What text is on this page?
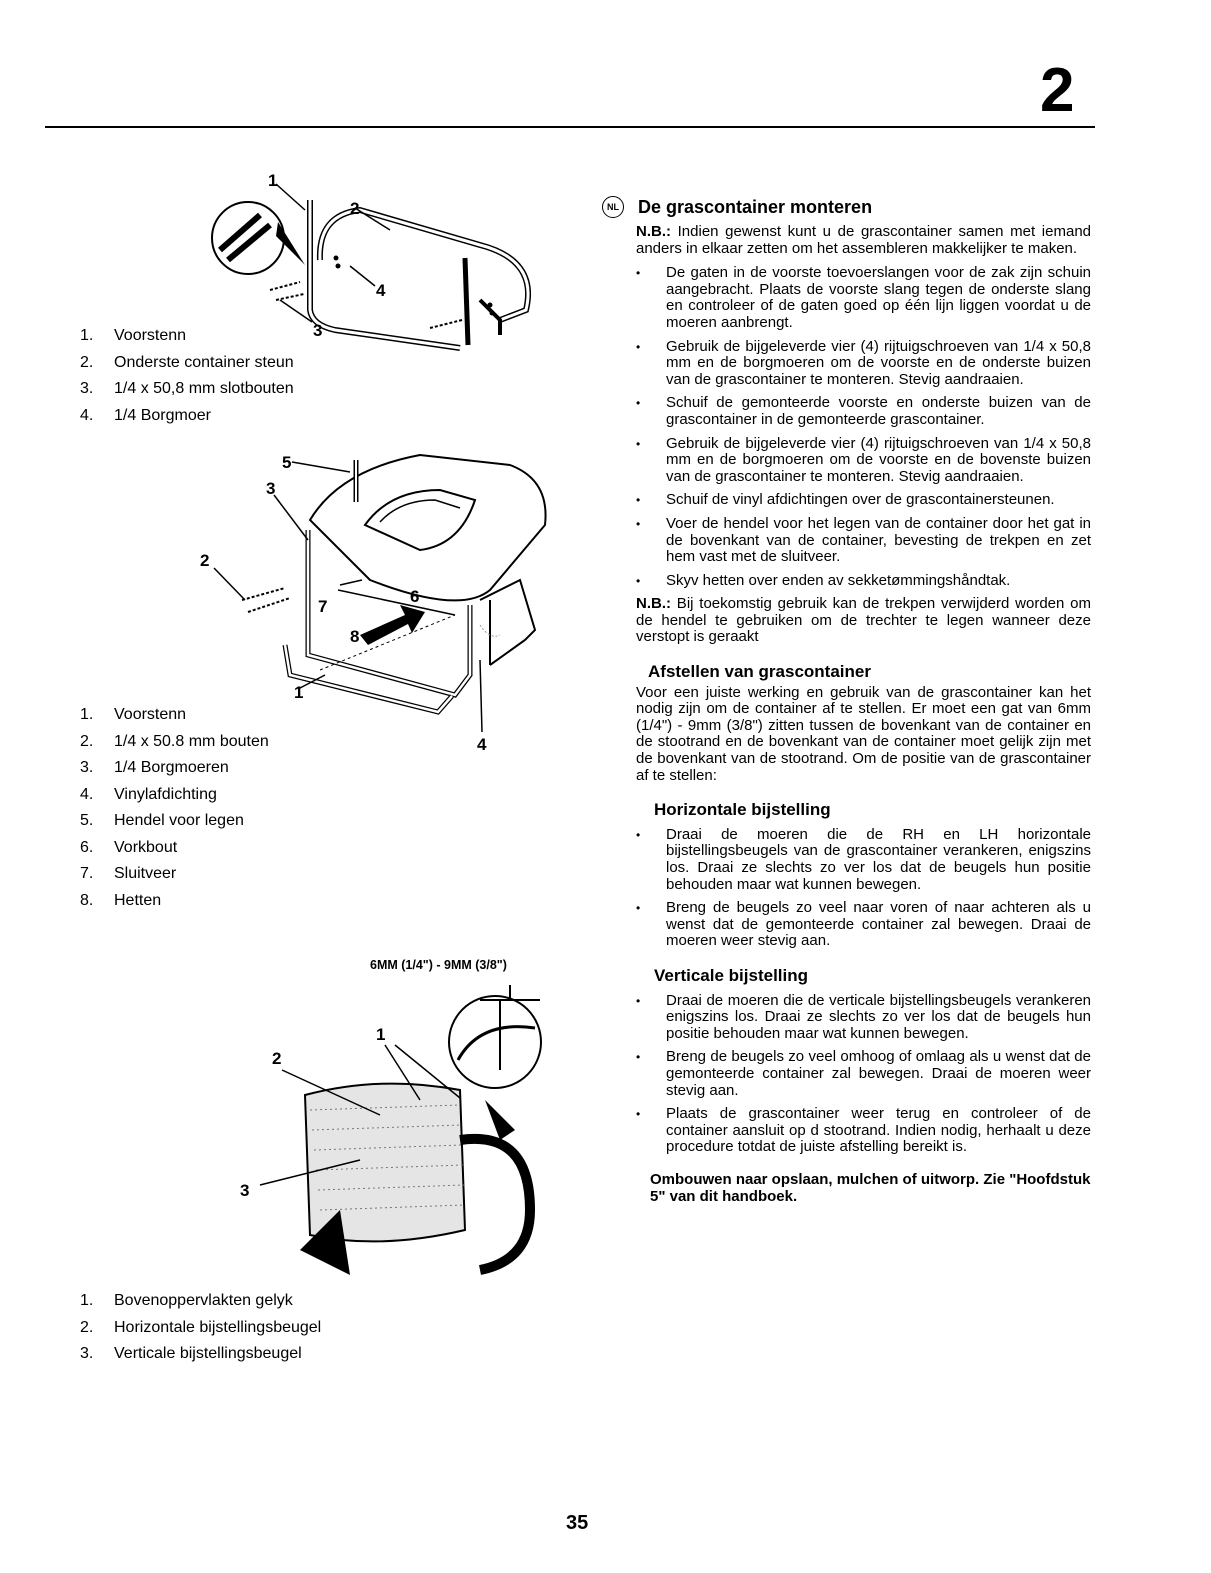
2
1
2
4
3
1. Voorstenn
2. Onderste container steun
3. 1/4 x 50,8 mm slotbouten
4. 1/4 Borgmoer
5
3
2
7
6
8
1
4
1. Voorstenn
2. 1/4 x 50.8 mm bouten
3. 1/4 Borgmoeren
4. Vinylafdichting
5. Hendel voor legen
6. Vorkbout
7. Sluitveer
8. Hetten
6MM (1/4") - 9MM (3/8")
1
2
3
1. Bovenoppervlakten gelyk
2. Horizontale bijstellingsbeugel
3. Verticale bijstellingsbeugel
NL De grascontainer monteren

N.B.: Indien gewenst kunt u de grascontainer samen met iemand anders in elkaar zetten om het assembleren makkelijker te maken.

• De gaten in de voorste toevoerslangen voor de zak zijn schuin aangebracht. Plaats de voorste slang tegen de onderste slang en controleer of de gaten goed op één lijn liggen voordat u de moeren aanbrengt.
• Gebruik de bijgeleverde vier (4) rijtuigschroeven van 1/4 x 50,8 mm en de borgmoeren om de voorste en de onderste buizen van de grascontainer te monteren. Stevig aandraaien.
• Schuif de gemonteerde voorste en onderste buizen van de grascontainer in de gemonteerde grascontainer.
• Gebruik de bijgeleverde vier (4) rijtuigschroeven van 1/4 x 50,8 mm en de borgmoeren om de voorste en de bovenste buizen van de grascontainer te monteren. Stevig aandraaien.
• Schuif de vinyl afdichtingen over de grascontainersteunen.
• Voer de hendel voor het legen van de container door het gat in de bovenkant van de container, bevesting de trekpen en zet hem vast met de sluitveer.
• Skyv hetten over enden av sekketømmingshåndtak.

N.B.: Bij toekomstig gebruik kan de trekpen verwijderd worden om de hendel te gebruiken om de trechter te legen wanneer deze verstopt is geraakt

Afstellen van grascontainer

Voor een juiste werking en gebruik van de grascontainer kan het nodig zijn om de container af te stellen. Er moet een gat van 6mm (1/4") - 9mm (3/8") zitten tussen de bovenkant van de container en de stootrand en de bovenkant van de container moet gelijk zijn met de bovenkant van de stootrand. Om de positie van de grascontainer af te stellen:

Horizontale bijstelling
• Draai de moeren die de RH en LH horizontale bijstellingsbeugels van de grascontainer verankeren, enigszins los. Draai ze slechts zo ver los dat de beugels hun positie behouden maar wat kunnen bewegen.
• Breng de beugels zo veel naar voren of naar achteren als u wenst dat de gemonteerde container zal bewegen. Draai de moeren weer stevig aan.
Verticale bijstelling
• Draai de moeren die de verticale bijstellingsbeugels verankeren enigszins los. Draai ze slechts zo ver los dat de beugels hun positie behouden maar wat kunnen bewegen.
• Breng de beugels zo veel omhoog of omlaag als u wenst dat de gemonteerde container zal bewegen. Draai de moeren weer stevig aan.
• Plaats de grascontainer weer terug en controleer of de container aansluit op d stootrand. Indien nodig, herhaalt u deze procedure totdat de juiste afstelling bereikt is.

Ombouwen naar opslaan, mulchen of uitworp. Zie "Hoofdstuk 5" van dit handboek.

35
